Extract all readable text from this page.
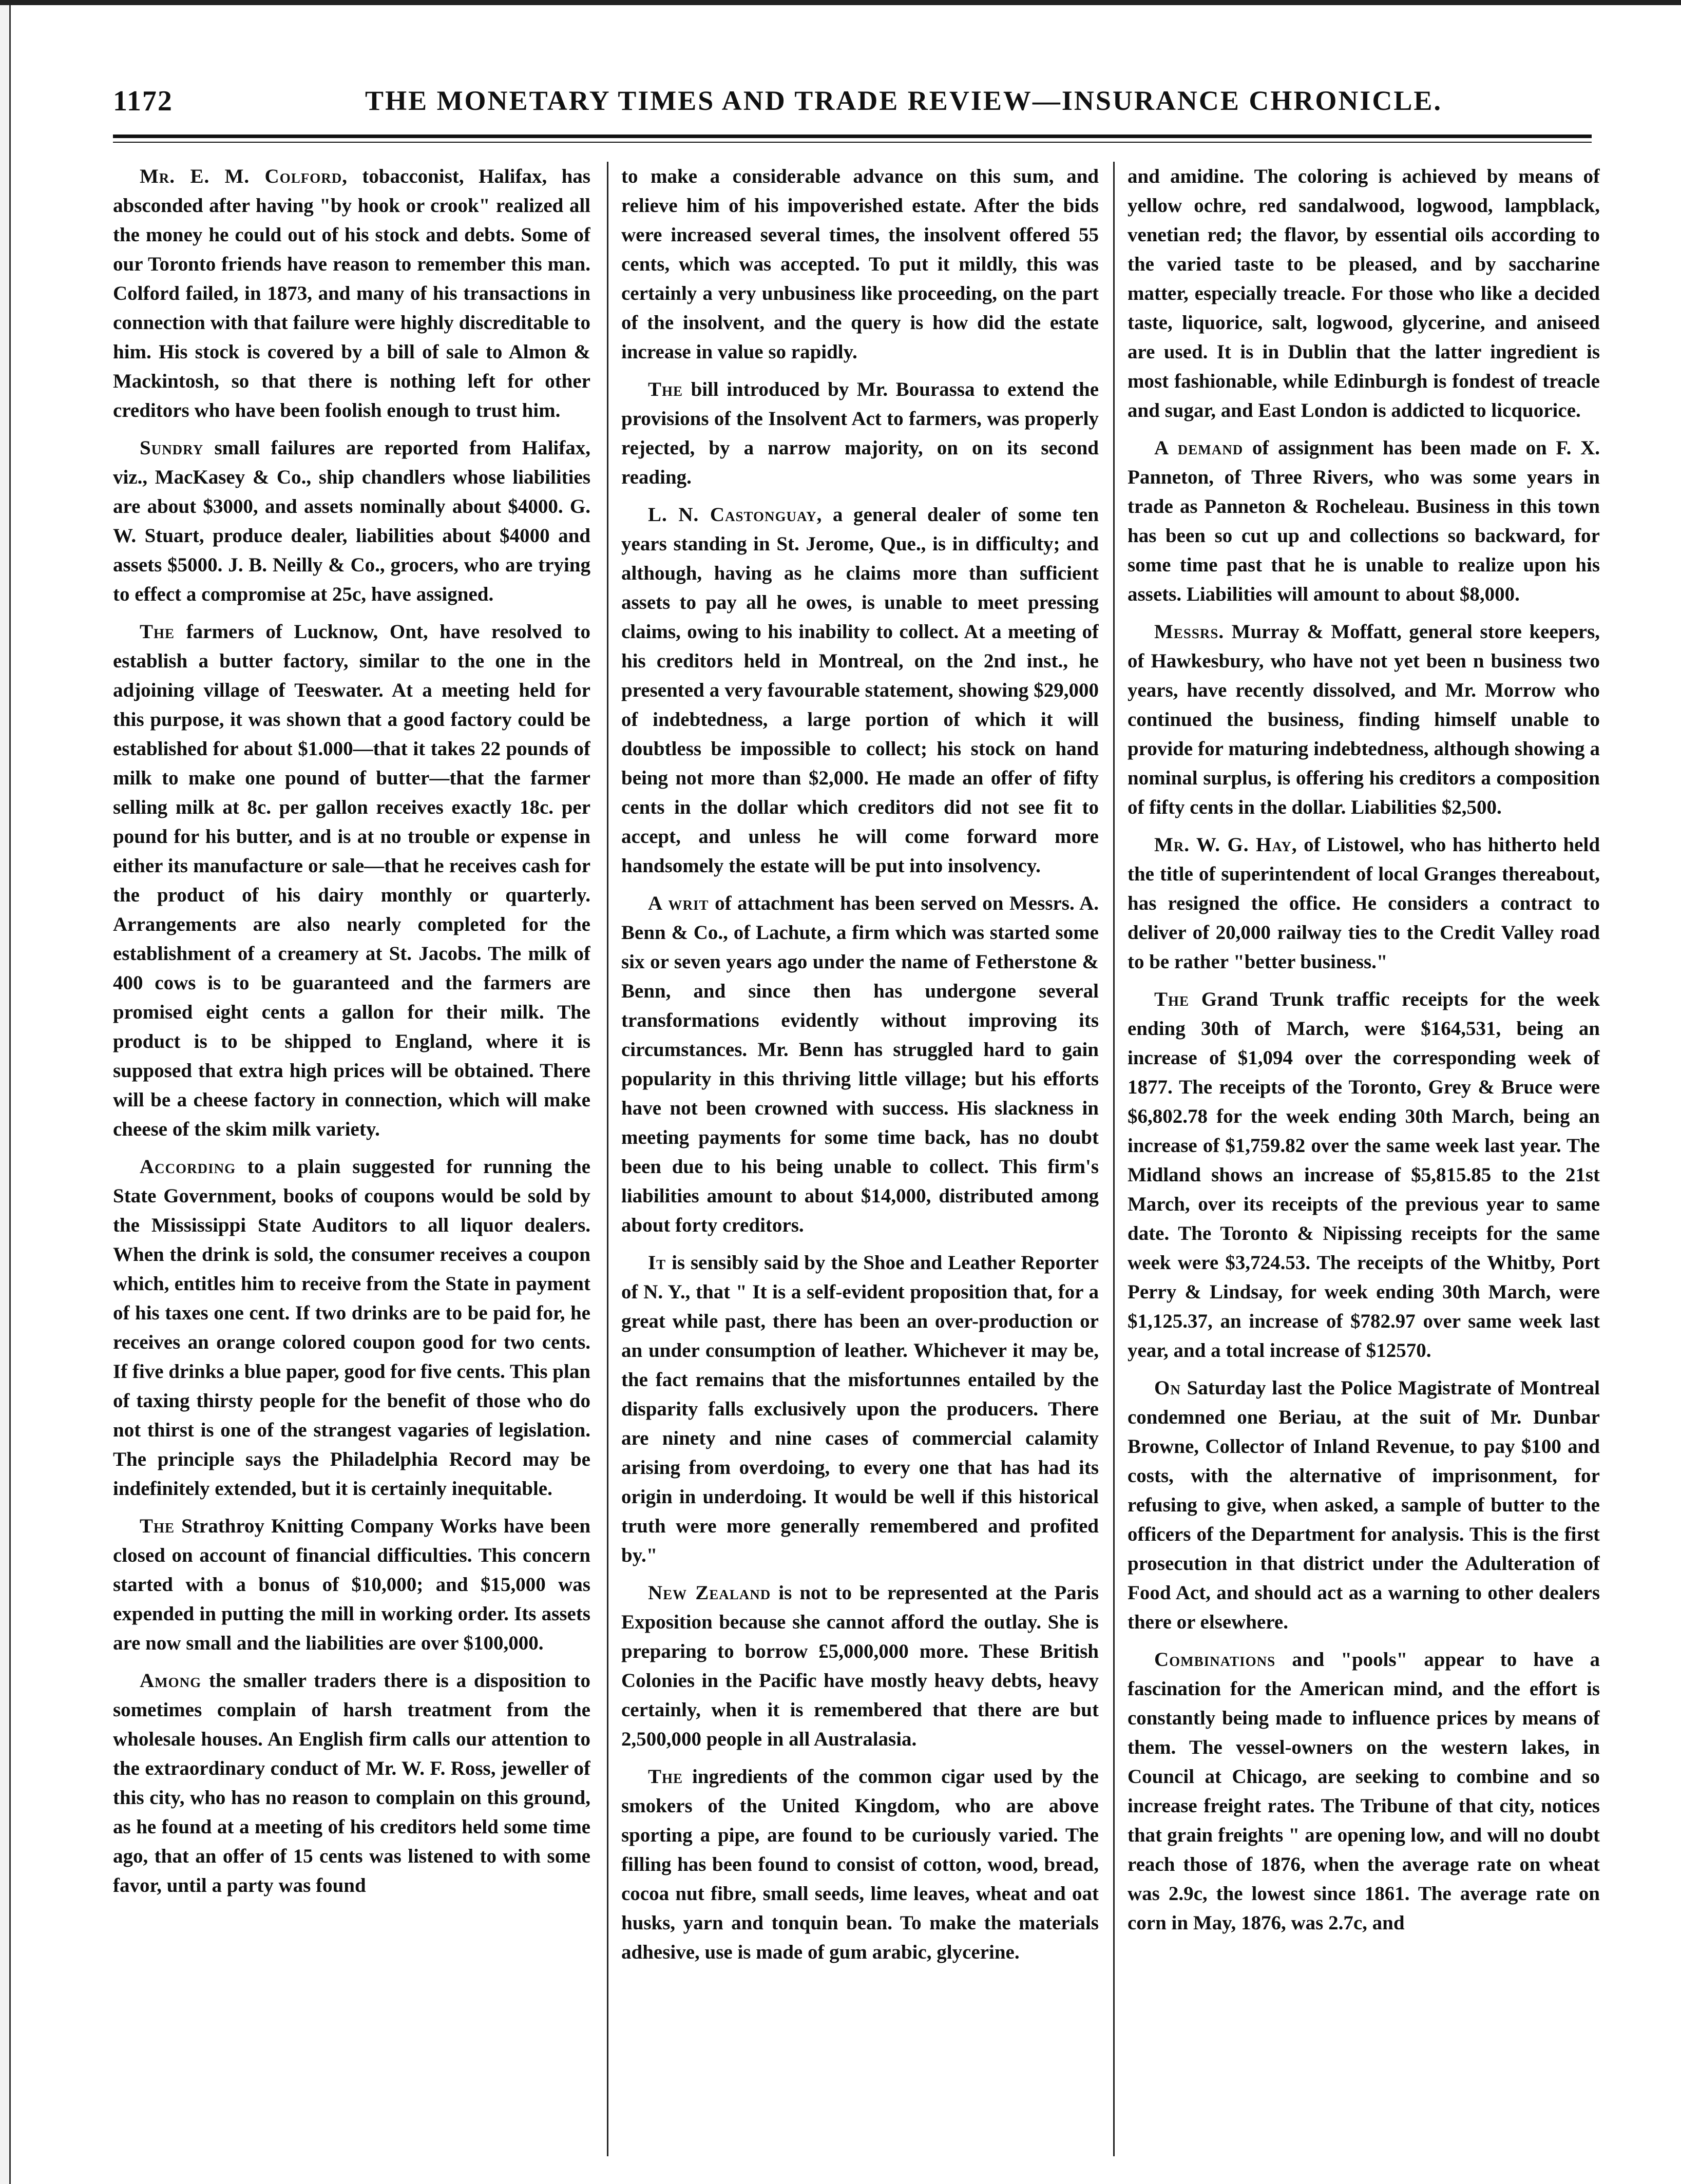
1172	THE MONETARY TIMES AND TRADE REVIEW—INSURANCE CHRONICLE.

Mr. E. M. Colford, tobacconist, Halifax, has absconded after having "by hook or crook" realized all the money he could out of his stock and debts. Some of our Toronto friends have reason to remember this man. Colford failed, in 1873, and many of his transactions in connection with that failure were highly discreditable to him. His stock is covered by a bill of sale to Almon & Mackintosh, so that there is nothing left for other creditors who have been foolish enough to trust him.

Sundry small failures are reported from Halifax, viz., MacKasey & Co., ship chandlers whose liabilities are about $3000, and assets nominally about $4000. G. W. Stuart, produce dealer, liabilities about $4000 and assets $5000. J. B. Neilly & Co., grocers, who are trying to effect a compromise at 25c, have assigned.

The farmers of Lucknow, Ont, have resolved to establish a butter factory, similar to the one in the adjoining village of Teeswater. At a meeting held for this purpose, it was shown that a good factory could be established for about $1.000—that it takes 22 pounds of milk to make one pound of butter—that the farmer selling milk at 8c. per gallon receives exactly 18c. per pound for his butter, and is at no trouble or expense in either its manufacture or sale—that he receives cash for the product of his dairy monthly or quarterly. Arrangements are also nearly completed for the establishment of a creamery at St. Jacobs. The milk of 400 cows is to be guaranteed and the farmers are promised eight cents a gallon for their milk. The product is to be shipped to England, where it is supposed that extra high prices will be obtained. There will be a cheese factory in connection, which will make cheese of the skim milk variety.

According to a plain suggested for running the State Government, books of coupons would be sold by the Mississippi State Auditors to all liquor dealers. When the drink is sold, the consumer receives a coupon which, entitles him to receive from the State in payment of his taxes one cent. If two drinks are to be paid for, he receives an orange colored coupon good for two cents. If five drinks a blue paper, good for five cents. This plan of taxing thirsty people for the benefit of those who do not thirst is one of the strangest vagaries of legislation. The principle says the Philadelphia Record may be indefinitely extended, but it is certainly inequitable.

The Strathroy Knitting Company Works have been closed on account of financial difficulties. This concern started with a bonus of $10,000; and $15,000 was expended in putting the mill in working order. Its assets are now small and the liabilities are over $100,000.

Among the smaller traders there is a disposition to sometimes complain of harsh treatment from the wholesale houses. An English firm calls our attention to the extraordinary conduct of Mr. W. F. Ross, jeweller of this city, who has no reason to complain on this ground, as he found at a meeting of his creditors held some time ago, that an offer of 15 cents was listened to with some favor, until a party was found

to make a considerable advance on this sum, and relieve him of his impoverished estate. After the bids were increased several times, the insolvent offered 55 cents, which was accepted. To put it mildly, this was certainly a very unbusiness like proceeding, on the part of the insolvent, and the query is how did the estate increase in value so rapidly.

The bill introduced by Mr. Bourassa to extend the provisions of the Insolvent Act to farmers, was properly rejected, by a narrow majority, on on its second reading.

L. N. Castonguay, a general dealer of some ten years standing in St. Jerome, Que., is in difficulty; and although, having as he claims more than sufficient assets to pay all he owes, is unable to meet pressing claims, owing to his inability to collect. At a meeting of his creditors held in Montreal, on the 2nd inst., he presented a very favourable statement, showing $29,000 of indebtedness, a large portion of which it will doubtless be impossible to collect; his stock on hand being not more than $2,000. He made an offer of fifty cents in the dollar which creditors did not see fit to accept, and unless he will come forward more handsomely the estate will be put into insolvency.

A writ of attachment has been served on Messrs. A. Benn & Co., of Lachute, a firm which was started some six or seven years ago under the name of Fetherstone & Benn, and since then has undergone several transformations evidently without improving its circumstances. Mr. Benn has struggled hard to gain popularity in this thriving little village; but his efforts have not been crowned with success. His slackness in meeting payments for some time back, has no doubt been due to his being unable to collect. This firm's liabilities amount to about $14,000, distributed among about forty creditors.

It is sensibly said by the Shoe and Leather Reporter of N. Y., that " It is a self-evident proposition that, for a great while past, there has been an over-production or an under consumption of leather. Whichever it may be, the fact remains that the misfortunnes entailed by the disparity falls exclusively upon the producers. There are ninety and nine cases of commercial calamity arising from overdoing, to every one that has had its origin in underdoing. It would be well if this historical truth were more generally remembered and profited by."

New Zealand is not to be represented at the Paris Exposition because she cannot afford the outlay. She is preparing to borrow £5,000,000 more. These British Colonies in the Pacific have mostly heavy debts, heavy certainly, when it is remembered that there are but 2,500,000 people in all Australasia.

The ingredients of the common cigar used by the smokers of the United Kingdom, who are above sporting a pipe, are found to be curiously varied. The filling has been found to consist of cotton, wood, bread, cocoa nut fibre, small seeds, lime leaves, wheat and oat husks, yarn and tonquin bean. To make the materials adhesive, use is made of gum arabic, glycerine.

and amidine. The coloring is achieved by means of yellow ochre, red sandalwood, logwood, lampblack, venetian red; the flavor, by essential oils according to the varied taste to be pleased, and by saccharine matter, especially treacle. For those who like a decided taste, liquorice, salt, logwood, glycerine, and aniseed are used. It is in Dublin that the latter ingredient is most fashionable, while Edinburgh is fondest of treacle and sugar, and East London is addicted to licquorice.

A demand of assignment has been made on F. X. Panneton, of Three Rivers, who was some years in trade as Panneton & Rocheleau. Business in this town has been so cut up and collections so backward, for some time past that he is unable to realize upon his assets. Liabilities will amount to about $8,000.

Messrs. Murray & Moffatt, general store keepers, of Hawkesbury, who have not yet been n business two years, have recently dissolved, and Mr. Morrow who continued the business, finding himself unable to provide for maturing indebtedness, although showing a nominal surplus, is offering his creditors a composition of fifty cents in the dollar. Liabilities $2,500.

Mr. W. G. Hay, of Listowel, who has hitherto held the title of superintendent of local Granges thereabout, has resigned the office. He considers a contract to deliver of 20,000 railway ties to the Credit Valley road to be rather "better business."

The Grand Trunk traffic receipts for the week ending 30th of March, were $164,531, being an increase of $1,094 over the corresponding week of 1877. The receipts of the Toronto, Grey & Bruce were $6,802.78 for the week ending 30th March, being an increase of $1,759.82 over the same week last year. The Midland shows an increase of $5,815.85 to the 21st March, over its receipts of the previous year to same date. The Toronto & Nipissing receipts for the same week were $3,724.53. The receipts of the Whitby, Port Perry & Lindsay, for week ending 30th March, were $1,125.37, an increase of $782.97 over same week last year, and a total increase of $12570.

On Saturday last the Police Magistrate of Montreal condemned one Beriau, at the suit of Mr. Dunbar Browne, Collector of Inland Revenue, to pay $100 and costs, with the alternative of imprisonment, for refusing to give, when asked, a sample of butter to the officers of the Department for analysis. This is the first prosecution in that district under the Adulteration of Food Act, and should act as a warning to other dealers there or elsewhere.

Combinations and "pools" appear to have a fascination for the American mind, and the effort is constantly being made to influence prices by means of them. The vessel-owners on the western lakes, in Council at Chicago, are seeking to combine and so increase freight rates. The Tribune of that city, notices that grain freights " are opening low, and will no doubt reach those of 1876, when the average rate on wheat was 2.9c, the lowest since 1861. The average rate on corn in May, 1876, was 2.7c, and
